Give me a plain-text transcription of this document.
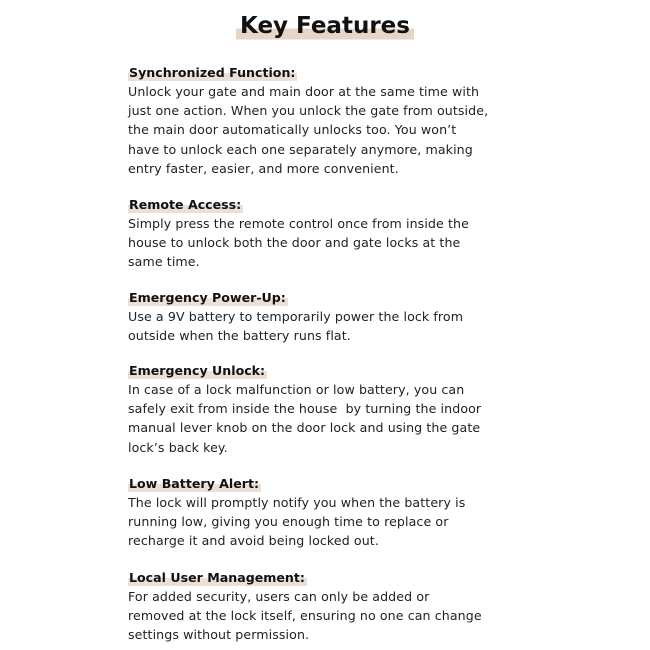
Key Features
Synchronized Function:
Unlock your gate and main door at the same time with
just one action. When you unlock the gate from outside,
the main door automatically unlocks too. You won’t
have to unlock each one separately anymore, making
entry faster, easier, and more convenient.
Remote Access:
Simply press the remote control once from inside the
house to unlock both the door and gate locks at the
same time.
Emergency Power-Up:
Use a 9V battery to temporarily power the lock from
outside when the battery runs flat.
Emergency Unlock:
In case of a lock malfunction or low battery, you can
safely exit from inside the house  by turning the indoor
manual lever knob on the door lock and using the gate
lock’s back key.
Low Battery Alert:
The lock will promptly notify you when the battery is
running low, giving you enough time to replace or
recharge it and avoid being locked out.
Local User Management:
For added security, users can only be added or
removed at the lock itself, ensuring no one can change
settings without permission.
